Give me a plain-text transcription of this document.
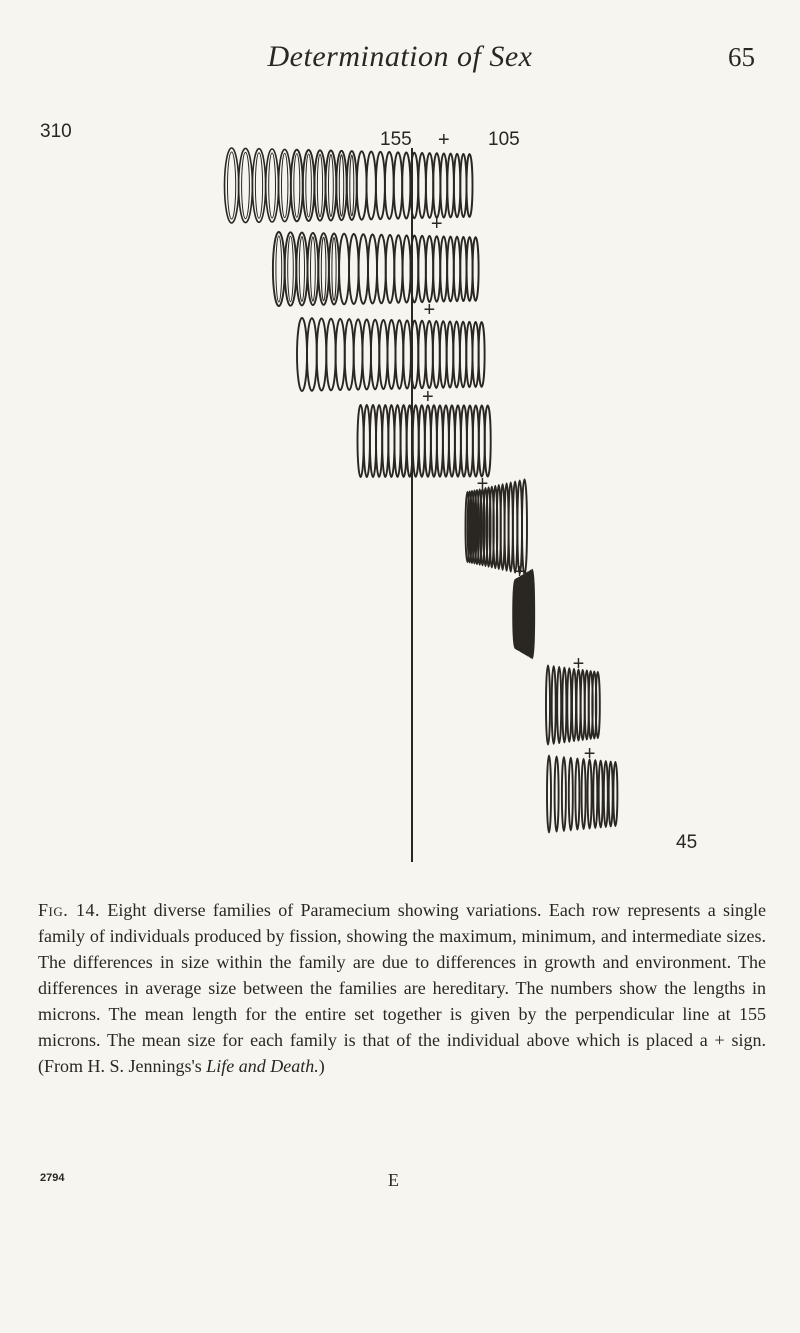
Determination of Sex	65
310	155	105
45
+
+
+
+
+
+
+
+
Fig. 14. Eight diverse families of Paramecium showing variations. Each row represents a single family of individuals produced by fission, showing the maximum, minimum, and intermediate sizes. The differences in size within the family are due to differences in growth and environment. The differences in average size between the families are hereditary. The numbers show the lengths in microns. The mean length for the entire set together is given by the perpendicular line at 155 microns. The mean size for each family is that of the individual above which is placed a + sign. (From H. S. Jennings's Life and Death.)
2794	E
